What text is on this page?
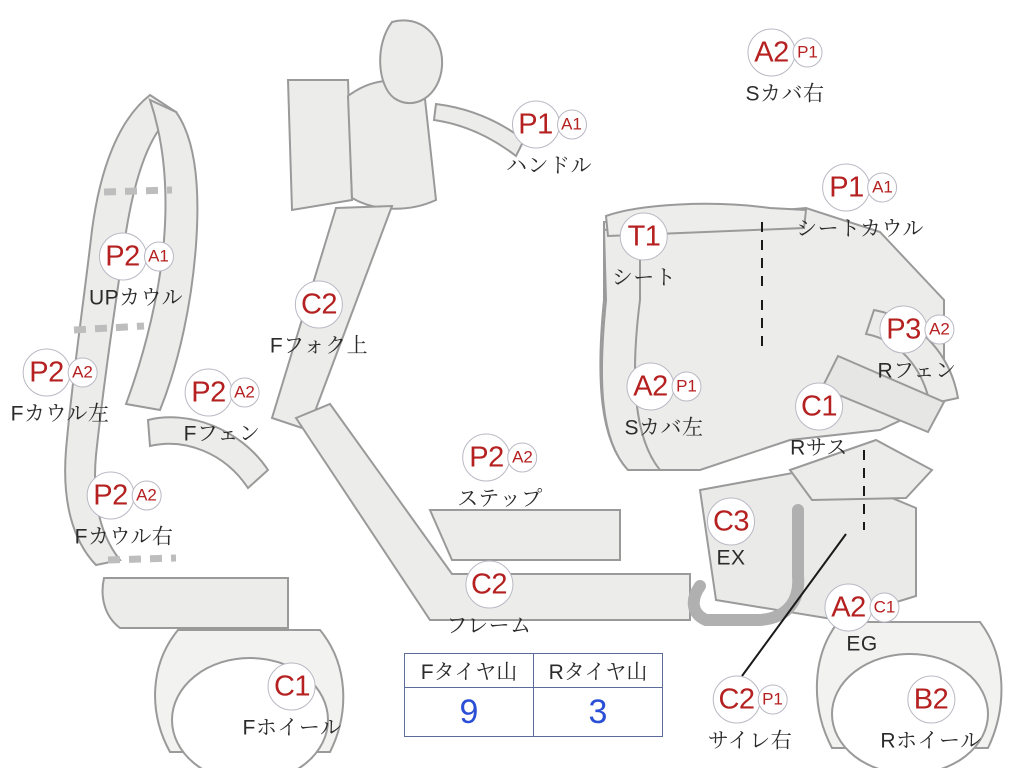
P1 A1
ハンドル
A2 P1
Sカバ右
P1 A1
シートカウル
T1
シート
P2 A1
UPカウル	C2
Fフォク上
P3 A2
Rフェン
P2 A2
Fカウル左
P2 A2
Fフェン
A2 P1
Sカバ左
C1
Rサス
P2 A2
ステップ
P2 A2
Fカウル右	C3
EX
A2 C1
EG
C2
フレーム
C1
Fホイール
C2 P1
サイレ右
B2
Rホイール
Fタイヤ山	Rタイヤ山
9	3
